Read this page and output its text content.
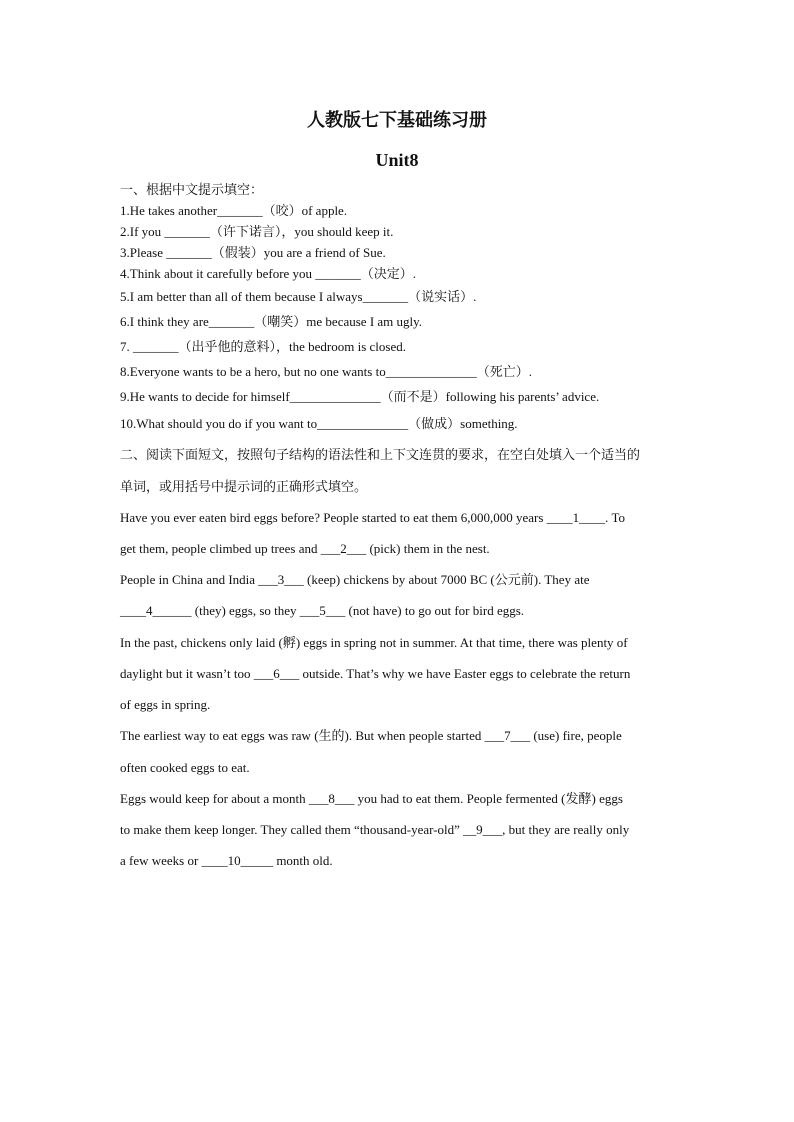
人教版七下基础练习册
Unit8

一、根据中文提示填空：

1.He takes another_______（咬）of apple.

2.If you _______（许下诺言），you should keep it.

3.Please _______（假装）you are a friend of Sue.

4.Think about it carefully before you _______（决定）.

5.I am better than all of them because I always_______（说实话）.

6.I think they are_______（嘲笑）me because I am ugly.

7. _______（出乎他的意料），the bedroom is closed.

8.Everyone wants to be a hero, but no one wants to______________（死亡）.

9.He wants to decide for himself______________（而不是）following his parents’ advice.

10.What should you do if you want to______________（做成）something.

二、阅读下面短文，按照句子结构的语法性和上下文连贯的要求，在空白处填入一个适当的

单词，或用括号中提示词的正确形式填空。

Have you ever eaten bird eggs before? People started to eat them 6,000,000 years ____1____. To

get them, people climbed up trees and ___2___ (pick) them in the nest.

People in China and India ___3___ (keep) chickens by about 7000 BC (公元前). They ate

____4______ (they) eggs, so they ___5___ (not have) to go out for bird eggs.

In the past, chickens only laid (孵) eggs in spring not in summer. At that time, there was plenty of

daylight but it wasn’t too ___6___ outside. That’s why we have Easter eggs to celebrate the return

of eggs in spring.

The earliest way to eat eggs was raw (生的). But when people started ___7___ (use) fire, people

often cooked eggs to eat.

Eggs would keep for about a month ___8___ you had to eat them. People fermented (发酵) eggs

to make them keep longer. They called them “thousand-year-old” __9___, but they are really only

a few weeks or ____10_____ month old.
